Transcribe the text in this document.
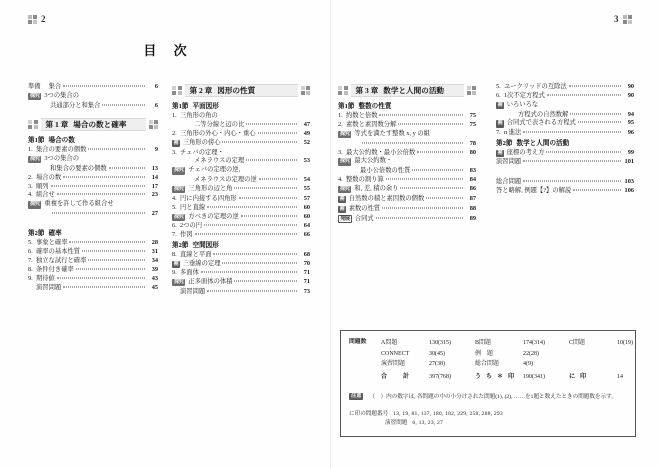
2	3
目 次
準備 集合	6
探究 3つの集合の
共通部分と和集合	6
第 1 章 場合の数と確率
第1節 場合の数
1. 集合の要素の個数	9
探究 3つの集合の
和集合の要素の個数	13
2. 場合の数	14
3. 順列	17
4. 組合せ	23
探究 重複を許して作る組合せ
27
第2節 確率
5. 事象と確率	28
6. 確率の基本性質	31
7. 独立な試行と確率	34
8. 条件付き確率	39
9. 期待値	43
演習問題	45
第 2 章 図形の性質
第1節 平面図形
1. 三角形の角の
二等分線と辺の比	47
2. 三角形の外心・内心・重心	49
補 三角形の傍心	52
3. チェバの定理・
メネラウスの定理	53
探究 チェバの定理の逆,
メネラウスの定理の逆	54
探究 三角形の辺と角	55
4. 円に内接する四角形	57
5. 円と直線	60
探究 方べきの定理の逆	60
6. 2つの円	64
7. 作図	66
第2節 空間図形
8. 直線と平面	68
補 三垂線の定理	70
9. 多面体	71
探究 正多面体の体積	71
演習問題	73
第 3 章 数学と人間の活動
第1節 整数の性質
1. 約数と倍数	75
2. 素数と素因数分解	75
探究 等式を満たす整数 x, y の組
78
3. 最大公約数・最小公倍数	80
探究 最大公約数・
最小公倍数の性質	83
4. 整数の割り算	84
探究 和, 差, 積の余り	86
補 自然数の積と素因数の個数	87
補 素数の性質	88
発展 合同式	89
5. ユークリッドの互除法	90
6. 1次不定方程式	90
補 いろいろな
方程式の自然数解	94
補 合同式で表される方程式	95
7. n 進法	96
第2節 数学と人間の活動
補 座標の考え方	99
演習問題	101
総合問題	103
答と略解, 例題【?】の解説	106
問題数	A問題	130(315)	B問題	174(314)	C問題	10(19)
CONNECT	30(45)	例　題	22(28)
演習問題	27(38)	総合問題	4(9)
合　計	397(768)	うち＊印 190(341)	に印	14
注意	（　）内の数字は, 各問題の中の小分けされた問題(1), (2), ……を1題と数えたときの問題数を示す。
に印の問題番号 13, 19, 81, 137, 180, 182, 229, 258, 288, 293
演習問題 6, 13, 23, 27
